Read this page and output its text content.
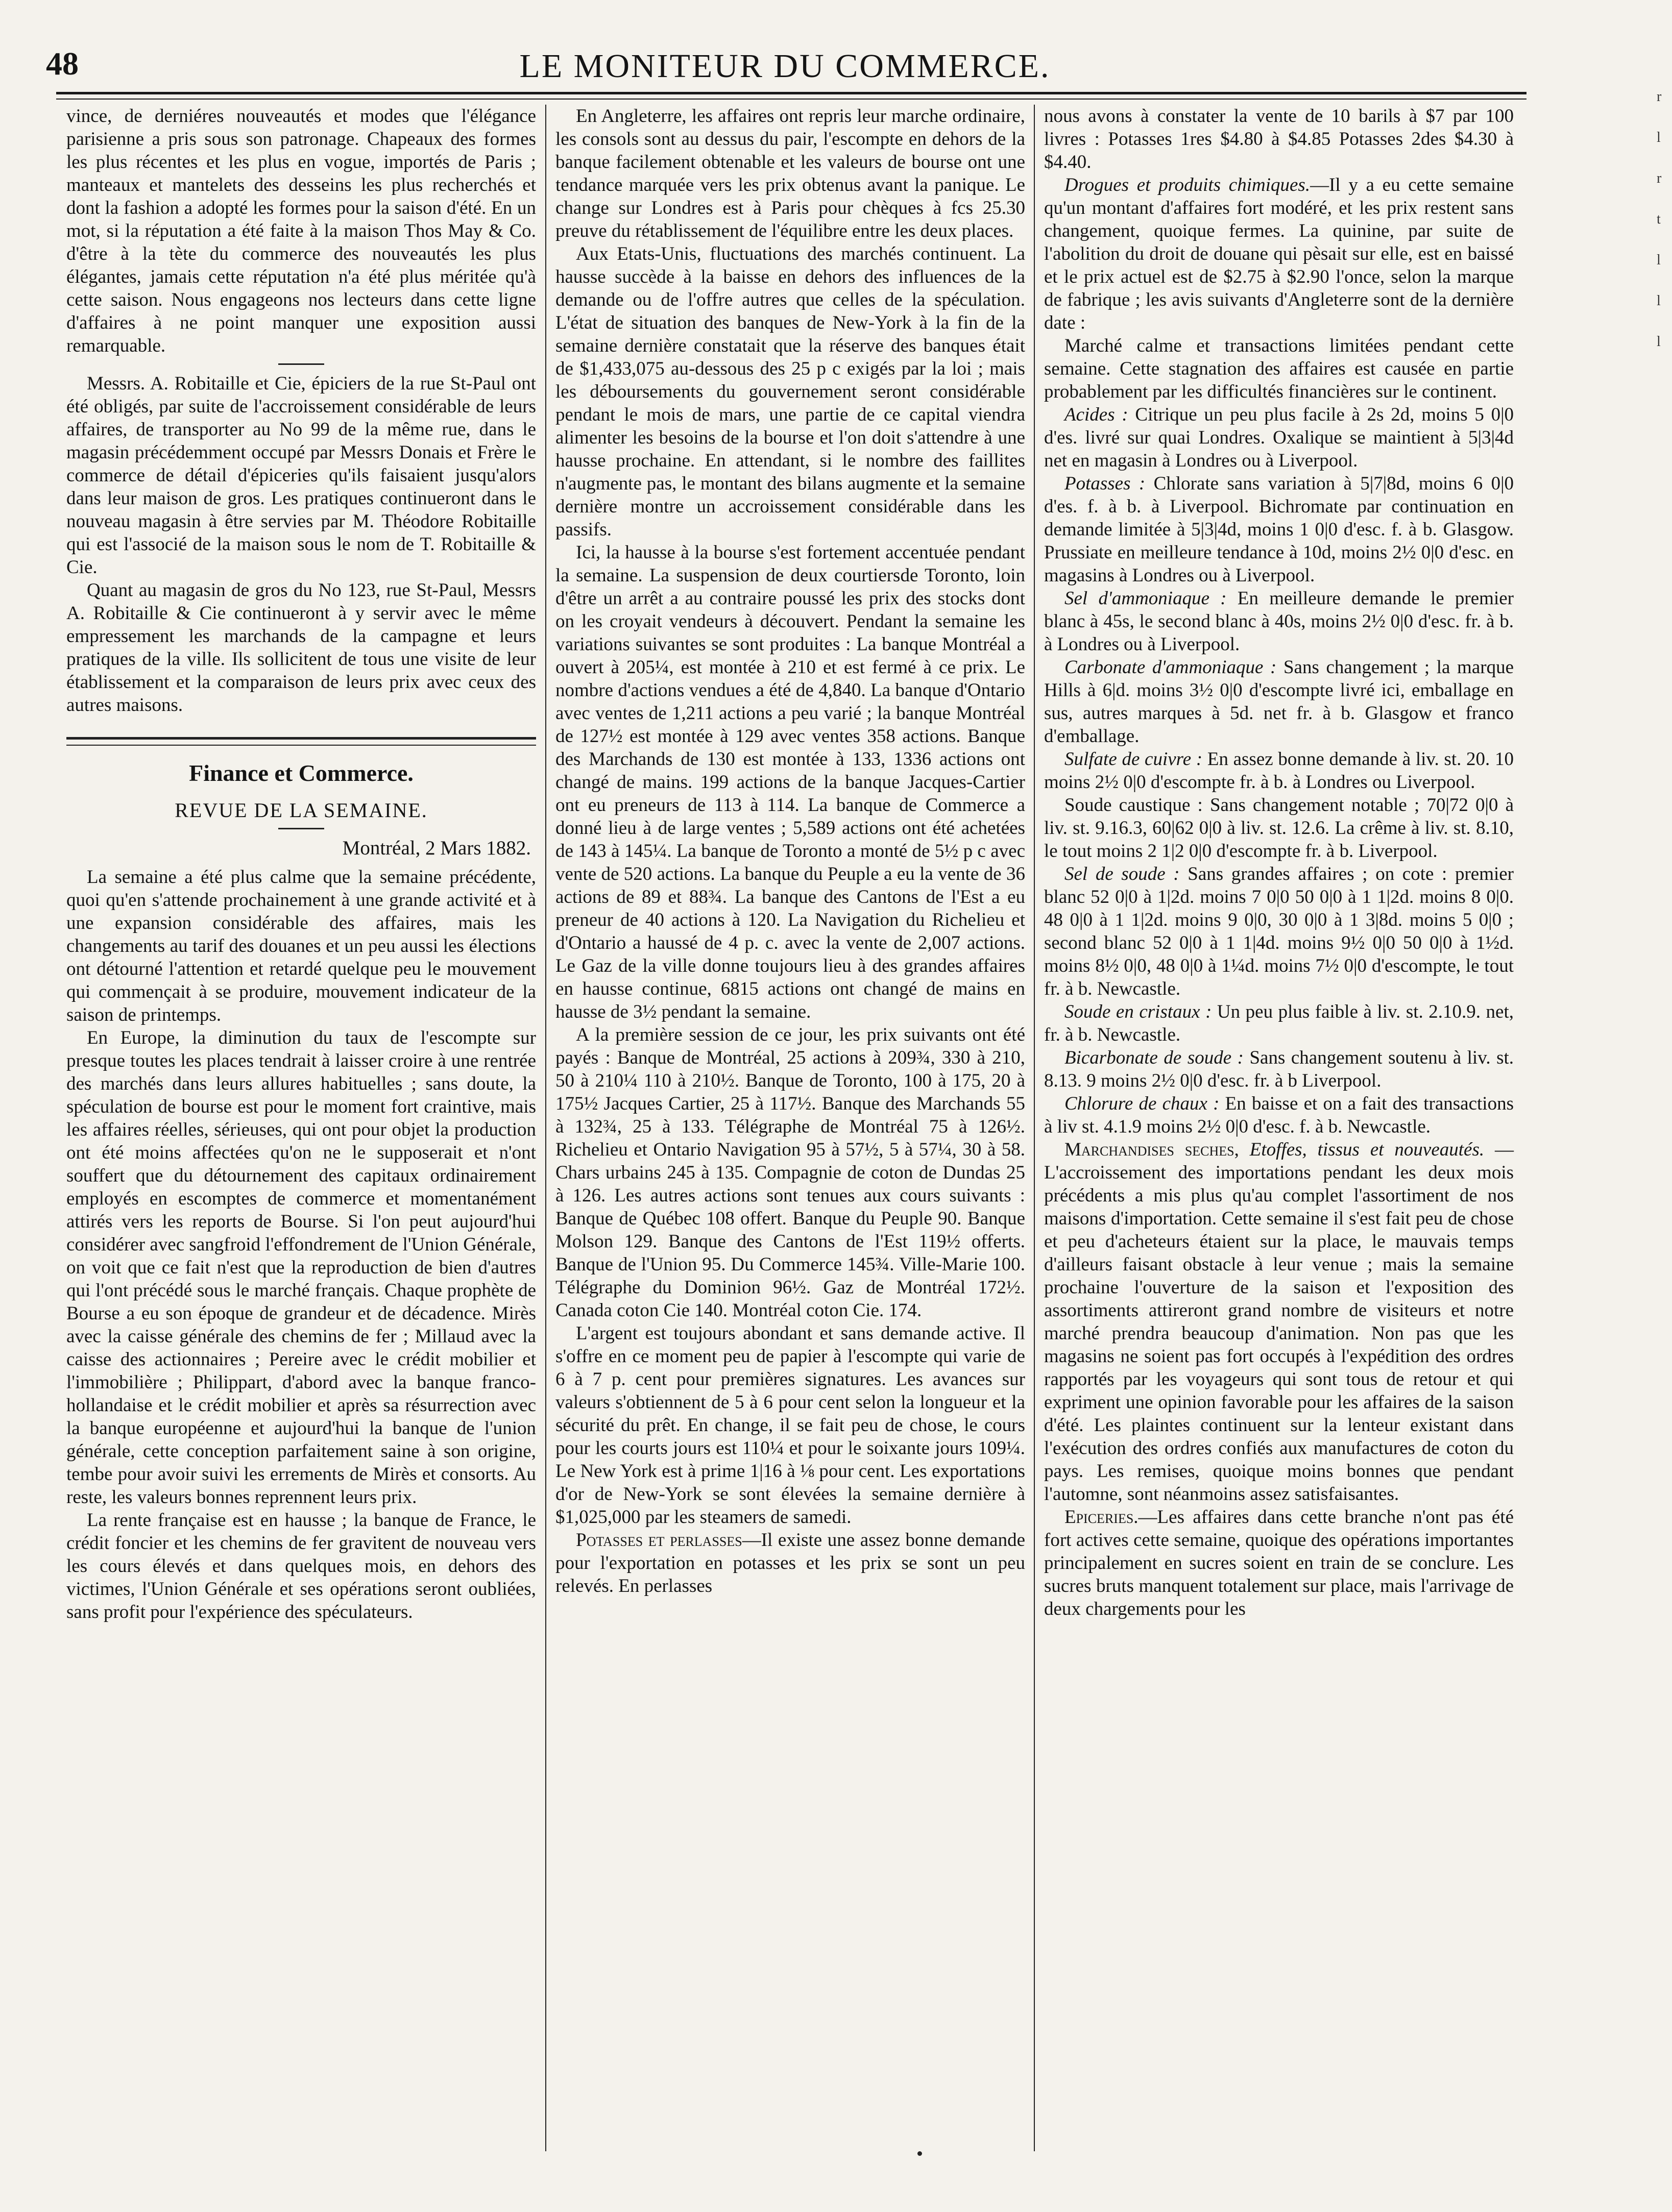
48	LE MONITEUR DU COMMERCE.

vince, de derniéres nouveautés et modes que l'élégance parisienne a pris sous son patronage. Chapeaux des formes les plus récentes et les plus en vogue, importés de Paris ; manteaux et mantelets des desseins les plus recherchés et dont la fashion a adopté les formes pour la saison d'été. En un mot, si la réputation a été faite à la maison Thos May & Co. d'être à la tète du commerce des nouveautés les plus élégantes, jamais cette réputation n'a été plus méritée qu'à cette saison. Nous engageons nos lecteurs dans cette ligne d'affaires à ne point manquer une exposition aussi remarquable.

Messrs. A. Robitaille et Cie, épiciers de la rue St-Paul ont été obligés, par suite de l'accroissement considérable de leurs affaires, de transporter au No 99 de la même rue, dans le magasin précédemment occupé par Messrs Donais et Frère le commerce de détail d'épiceries qu'ils faisaient jusqu'alors dans leur maison de gros. Les pratiques continueront dans le nouveau magasin à être servies par M. Théodore Robitaille qui est l'associé de la maison sous le nom de T. Robitaille & Cie.

Quant au magasin de gros du No 123, rue St-Paul, Messrs A. Robitaille & Cie continueront à y servir avec le même empressement les marchands de la campagne et leurs pratiques de la ville. Ils sollicitent de tous une visite de leur établissement et la comparaison de leurs prix avec ceux des autres maisons.

Finance et Commerce.
REVUE DE LA SEMAINE.
Montréal, 2 Mars 1882.

La semaine a été plus calme que la semaine précédente, quoi qu'en s'attende prochainement à une grande activité et à une expansion considérable des affaires, mais les changements au tarif des douanes et un peu aussi les élections ont détourné l'attention et retardé quelque peu le mouvement qui commençait à se produire, mouvement indicateur de la saison de printemps.

En Europe, la diminution du taux de l'escompte sur presque toutes les places tendrait à laisser croire à une rentrée des marchés dans leurs allures habituelles ; sans doute, la spéculation de bourse est pour le moment fort craintive, mais les affaires réelles, sérieuses, qui ont pour objet la production ont été moins affectées qu'on ne le supposerait et n'ont souffert que du détournement des capitaux ordinairement employés en escomptes de commerce et momentanément attirés vers les reports de Bourse. Si l'on peut aujourd'hui considérer avec sangfroid l'effondrement de l'Union Générale, on voit que ce fait n'est que la reproduction de bien d'autres qui l'ont précédé sous le marché français. Chaque prophète de Bourse a eu son époque de grandeur et de décadence. Mirès avec la caisse générale des chemins de fer ; Millaud avec la caisse des actionnaires ; Pereire avec le crédit mobilier et l'immobilière ; Philippart, d'abord avec la banque franco-hollandaise et le crédit mobilier et après sa résurrection avec la banque européenne et aujourd'hui la banque de l'union générale, cette conception parfaitement saine à son origine, tembe pour avoir suivi les errements de Mirès et consorts. Au reste, les valeurs bonnes reprennent leurs prix.

La rente française est en hausse ; la banque de France, le crédit foncier et les chemins de fer gravitent de nouveau vers les cours élevés et dans quelques mois, en dehors des victimes, l'Union Générale et ses opérations seront oubliées, sans profit pour l'expérience des spéculateurs.

En Angleterre, les affaires ont repris leur marche ordinaire, les consols sont au dessus du pair, l'escompte en dehors de la banque facilement obtenable et les valeurs de bourse ont une tendance marquée vers les prix obtenus avant la panique. Le change sur Londres est à Paris pour chèques à fcs 25.30 preuve du rétablissement de l'équilibre entre les deux places.

Aux Etats-Unis, fluctuations des marchés continuent. La hausse succède à la baisse en dehors des influences de la demande ou de l'offre autres que celles de la spéculation. L'état de situation des banques de New-York à la fin de la semaine dernière constatait que la réserve des banques était de $1,433,075 au-dessous des 25 p c exigés par la loi ; mais les déboursements du gouvernement seront considérable pendant le mois de mars, une partie de ce capital viendra alimenter les besoins de la bourse et l'on doit s'attendre à une hausse prochaine. En attendant, si le nombre des faillites n'augmente pas, le montant des bilans augmente et la semaine dernière montre un accroissement considérable dans les passifs.

Ici, la hausse à la bourse s'est fortement accentuée pendant la semaine. La suspension de deux courtiersde Toronto, loin d'être un arrêt a au contraire poussé les prix des stocks dont on les croyait vendeurs à découvert. Pendant la semaine les variations suivantes se sont produites : La banque Montréal a ouvert à 205¼, est montée à 210 et est fermé à ce prix. Le nombre d'actions vendues a été de 4,840. La banque d'Ontario avec ventes de 1,211 actions a peu varié ; la banque Montréal de 127½ est montée à 129 avec ventes 358 actions. Banque des Marchands de 130 est montée à 133, 1336 actions ont changé de mains. 199 actions de la banque Jacques-Cartier ont eu preneurs de 113 à 114. La banque de Commerce a donné lieu à de large ventes ; 5,589 actions ont été achetées de 143 à 145¼. La banque de Toronto a monté de 5½ p c avec vente de 520 actions. La banque du Peuple a eu la vente de 36 actions de 89 et 88¾. La banque des Cantons de l'Est a eu preneur de 40 actions à 120. La Navigation du Richelieu et d'Ontario a haussé de 4 p. c. avec la vente de 2,007 actions. Le Gaz de la ville donne toujours lieu à des grandes affaires en hausse continue, 6815 actions ont changé de mains en hausse de 3½ pendant la semaine.

A la première session de ce jour, les prix suivants ont été payés : Banque de Montréal, 25 actions à 209¾, 330 à 210, 50 à 210¼ 110 à 210½. Banque de Toronto, 100 à 175, 20 à 175½ Jacques Cartier, 25 à 117½. Banque des Marchands 55 à 132¾, 25 à 133. Télégraphe de Montréal 75 à 126½. Richelieu et Ontario Navigation 95 à 57½, 5 à 57¼, 30 à 58. Chars urbains 245 à 135. Compagnie de coton de Dundas 25 à 126. Les autres actions sont tenues aux cours suivants : Banque de Québec 108 offert. Banque du Peuple 90. Banque Molson 129. Banque des Cantons de l'Est 119½ offerts. Banque de l'Union 95. Du Commerce 145¾. Ville-Marie 100. Télégraphe du Dominion 96½. Gaz de Montréal 172½. Canada coton Cie 140. Montréal coton Cie. 174.

L'argent est toujours abondant et sans demande active. Il s'offre en ce moment peu de papier à l'escompte qui varie de 6 à 7 p. cent pour premières signatures. Les avances sur valeurs s'obtiennent de 5 à 6 pour cent selon la longueur et la sécurité du prêt. En change, il se fait peu de chose, le cours pour les courts jours est 110¼ et pour le soixante jours 109¼. Le New York est à prime 1|16 à ⅛ pour cent. Les exportations d'or de New-York se sont élevées la semaine dernière à $1,025,000 par les steamers de samedi.

Potasses et perlasses—Il existe une assez bonne demande pour l'exportation en potasses et les prix se sont un peu relevés. En perlasses

nous avons à constater la vente de 10 barils à $7 par 100 livres : Potasses 1res $4.80 à $4.85 Potasses 2des $4.30 à $4.40.

Drogues et produits chimiques.—Il y a eu cette semaine qu'un montant d'affaires fort modéré, et les prix restent sans changement, quoique fermes. La quinine, par suite de l'abolition du droit de douane qui pèsait sur elle, est en baissé et le prix actuel est de $2.75 à $2.90 l'once, selon la marque de fabrique ; les avis suivants d'Angleterre sont de la dernière date :

Marché calme et transactions limitées pendant cette semaine. Cette stagnation des affaires est causée en partie probablement par les difficultés financières sur le continent.

Acides : Citrique un peu plus facile à 2s 2d, moins 5 0|0 d'es. livré sur quai Londres. Oxalique se maintient à 5|3|4d net en magasin à Londres ou à Liverpool.

Potasses : Chlorate sans variation à 5|7|8d, moins 6 0|0 d'es. f. à b. à Liverpool. Bichromate par continuation en demande limitée à 5|3|4d, moins 1 0|0 d'esc. f. à b. Glasgow. Prussiate en meilleure tendance à 10d, moins 2½ 0|0 d'esc. en magasins à Londres ou à Liverpool.

Sel d'ammoniaque : En meilleure demande le premier blanc à 45s, le second blanc à 40s, moins 2½ 0|0 d'esc. fr. à b. à Londres ou à Liverpool.

Carbonate d'ammoniaque : Sans changement ; la marque Hills à 6|d. moins 3½ 0|0 d'escompte livré ici, emballage en sus, autres marques à 5d. net fr. à b. Glasgow et franco d'emballage.

Sulfate de cuivre : En assez bonne demande à liv. st. 20. 10 moins 2½ 0|0 d'escompte fr. à b. à Londres ou Liverpool.

Soude caustique : Sans changement notable ; 70|72 0|0 à liv. st. 9.16.3, 60|62 0|0 à liv. st. 12.6. La crême à liv. st. 8.10, le tout moins 2 1|2 0|0 d'escompte fr. à b. Liverpool.

Sel de soude : Sans grandes affaires ; on cote : premier blanc 52 0|0 à 1|2d. moins 7 0|0 50 0|0 à 1 1|2d. moins 8 0|0. 48 0|0 à 1 1|2d. moins 9 0|0, 30 0|0 à 1 3|8d. moins 5 0|0 ; second blanc 52 0|0 à 1 1|4d. moins 9½ 0|0 50 0|0 à 1½d. moins 8½ 0|0, 48 0|0 à 1¼d. moins 7½ 0|0 d'escompte, le tout fr. à b. Newcastle.

Soude en cristaux : Un peu plus faible à liv. st. 2.10.9. net, fr. à b. Newcastle.

Bicarbonate de soude : Sans changement soutenu à liv. st. 8.13. 9 moins 2½ 0|0 d'esc. fr. à b Liverpool.

Chlorure de chaux : En baisse et on a fait des transactions à liv st. 4.1.9 moins 2½ 0|0 d'esc. f. à b. Newcastle.

Marchandises seches, Etoffes, tissus et nouveautés. — L'accroissement des importations pendant les deux mois précédents a mis plus qu'au complet l'assortiment de nos maisons d'importation. Cette semaine il s'est fait peu de chose et peu d'acheteurs étaient sur la place, le mauvais temps d'ailleurs faisant obstacle à leur venue ; mais la semaine prochaine l'ouverture de la saison et l'exposition des assortiments attireront grand nombre de visiteurs et notre marché prendra beaucoup d'animation. Non pas que les magasins ne soient pas fort occupés à l'expédition des ordres rapportés par les voyageurs qui sont tous de retour et qui expriment une opinion favorable pour les affaires de la saison d'été. Les plaintes continuent sur la lenteur existant dans l'exécution des ordres confiés aux manufactures de coton du pays. Les remises, quoique moins bonnes que pendant l'automne, sont néanmoins assez satisfaisantes.

Epiceries.—Les affaires dans cette branche n'ont pas été fort actives cette semaine, quoique des opérations importantes principalement en sucres soient en train de se conclure. Les sucres bruts manquent totalement sur place, mais l'arrivage de deux chargements pour les

r
l
r
t
l
l
l
